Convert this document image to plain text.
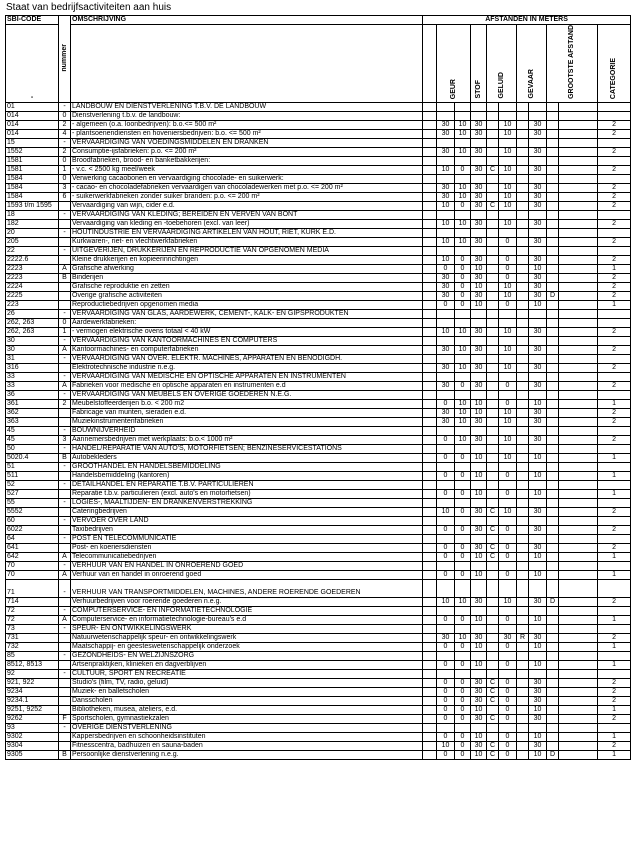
Staat van bedrijfsactiviteiten aan huis
SBI-CODE	nummer	OMSCHRIJVING	AFSTANDEN IN METERS										
-				GEUR		STOF	GELUID		GEVAAR		GROOTSTE AFSTAND		CATEGORIE
01	-	LANDBOUW EN DIENSTVERLENING T.B.V. DE LANDBOUW											
014	0	Dienstverlening t.b.v. de landbouw:											
014	2	- algemeen (o.a. loonbedrijven): b.o.<= 500 m²		30	10	30		10		30			2
014	4	- plantsoenendiensten en hoveniersbedrijven: b.o. <= 500 m²		30	10	30		10		30			2
15	-	VERVAARDIGING VAN VOEDINGSMIDDELEN EN DRANKEN											
1552	2	Consumptie-ijsfabrieken: p.o. <= 200 m²		30	10	30		10		30			2
1581	0	Broodfabrieken, brood- en banketbakkerijen:											
1581	1	- v.c. < 2500 kg meel/week		10	0	30	C	10		30			2
1584	0	Verwerking cacaobonen en vervaardiging chocolade- en suikerwerk:											
1584	3	- cacao- en chocoladefabrieken vervaardigen van chocoladewerken met p.o. <= 200 m²		30	10	30		10		30			2
1584	6	- suikerwerkfabrieken zonder suiker branden: p.o. <= 200 m²		30	10	30		10		30			2
1593 t/m 1595		Vervaardiging van wijn, cider e.d.		10	0	30	C	10		30			2
18	-	VERVAARDIGING VAN KLEDING; BEREIDEN EN VERVEN VAN BONT											
182		Vervaardiging van kleding en -toebehoren (excl. van leer)		10	10	30		10		30			2
20	-	HOUTINDUSTRIE EN VERVAARDIGING ARTIKELEN VAN HOUT, RIET, KURK E.D.											
205		Kurkwaren-, riet- en vlechtwerkfabrieken		10	10	30		0		30			2
22	-	UITGEVERIJEN, DRUKKERIJEN EN REPRODUCTIE VAN OPGENOMEN MEDIA											
2222.6		Kleine drukkerijen en kopieerinrichtingen		10	0	30		0		30			2
2223	A	Grafische afwerking		0	0	10		0		10			1
2223	B	Binderijen		30	0	30		0		30			2
2224		Grafische reproduktie en zetten		30	0	10		10		30			2
2225		Overige grafische activiteiten		30	0	30		10		30	D		2
223		Reproductiebedrijven opgenomen media		0	0	10		0		10			1
26	-	VERVAARDIGING VAN GLAS, AARDEWERK, CEMENT-, KALK- EN GIPSPRODUKTEN											
262, 263	0	Aardewerkfabrieken:											
262, 263	1	- vermogen elektrische ovens totaal < 40 kW		10	10	30		10		30			2
30	-	VERVAARDIGING VAN KANTOORMACHINES EN COMPUTERS											
30	A	Kantoormachines- en computerfabrieken		30	10	30		10		30			2
31	-	VERVAARDIGING VAN OVER. ELEKTR. MACHINES, APPARATEN EN BENODIGDH.											
316		Elektrotechnische industrie n.e.g.		30	10	30		10		30			2
33	-	VERVAARDIGING VAN MEDISCHE EN OPTISCHE APPARATEN EN INSTRUMENTEN											
33	A	Fabrieken voor medische en optische apparaten en instrumenten e.d		30	0	30		0		30			2
36	-	VERVAARDIGING VAN MEUBELS EN OVERIGE GOEDEREN N.E.G.											
361	2	Meubelstoffeerderijen b.o. < 200 m2		0	10	10		0		10			1
362		Fabricage van munten, sieraden e.d.		30	10	10		10		30			2
363		Muziekinstrumentenfabrieken		30	10	30		10		30			2
45	-	BOUWNIJVERHEID											
45	3	Aannemersbedrijven met werkplaats: b.o.< 1000 m²		0	10	30		10		30			2
50	-	HANDEL/REPARATIE VAN AUTO'S, MOTORFIETSEN; BENZINESERVICESTATIONS											
5020.4	B	Autobekleders		0	0	10		10		10			1
51	-	GROOTHANDEL EN HANDELSBEMIDDELING											
511		Handelsbemiddeling (kantoren)		0	0	10		0		10			1
52	-	DETAILHANDEL EN REPARATIE T.B.V. PARTICULIEREN											
527		Reparatie t.b.v. particulieren (excl. auto's en motorfietsen)		0	0	10		0		10			1
55	-	LOGIES-, MAALTIJDEN- EN DRANKENVERSTREKKING											
5552		Cateringbedrijven		10	0	30	C	10		30			2
60	-	VERVOER OVER LAND											
6022		Taxibedrijven		0	0	30	C	0		30			2
64	-	POST EN TELECOMMUNICATIE											
641		Post- en koeriersdiensten		0	0	30	C	0		30			2
642	A	Telecommunicatiebedrijven		0	0	10	C	0		10			1
70	-	VERHUUR VAN EN HANDEL IN ONROEREND GOED											
70	A	Verhuur van en handel in onroerend goed		0	0	10		0		10			1
71	-	VERHUUR VAN TRANSPORTMIDDELEN, MACHINES, ANDERE ROERENDE GOEDEREN											
714		Verhuurbedrijven voor roerende goederen n.e.g.		10	10	30		10		30	D		2
72	-	COMPUTERSERVICE- EN INFORMATIETECHNOLOGIE											
72	A	Computerservice- en informatietechnologie-bureau's e.d		0	0	10		0		10			1
73	-	SPEUR- EN ONTWIKKELINGSWERK											
731		Natuurwetenschappelijk speur- en ontwikkelingswerk		30	10	30		30	R	30			2
732		Maatschappij- en geesteswetenschappelijk onderzoek		0	0	10		0		10			1
85	-	GEZONDHEIDS- EN WELZIJNSZORG											
8512, 8513		Artsenpraktijken, klinieken en dagverblijven		0	0	10		0		10			1
92	-	CULTUUR, SPORT EN RECREATIE											
921, 922		Studio's (film, TV, radio, geluid)		0	0	30	C	0		30			2
9234		Muziek- en balletscholen		0	0	30	C	0		30			2
9234.1		Dansscholen		0	0	30	C	0		30			2
9251, 9252		Bibliotheken, musea, ateliers, e.d.		0	0	10		0		10			1
9262	F	Sportscholen, gymnastiekzalen		0	0	30	C	0		30			2
93	-	OVERIGE DIENSTVERLENING											
9302		Kappersbedrijven en schoonheidsinstituten		0	0	10		0		10			1
9304		Fitnesscentra, badhuizen en sauna-baden		10	0	30	C	0		30			2
9305	B	Persoonlijke dienstverlening n.e.g.		0	0	10	C	0		10	D		1
